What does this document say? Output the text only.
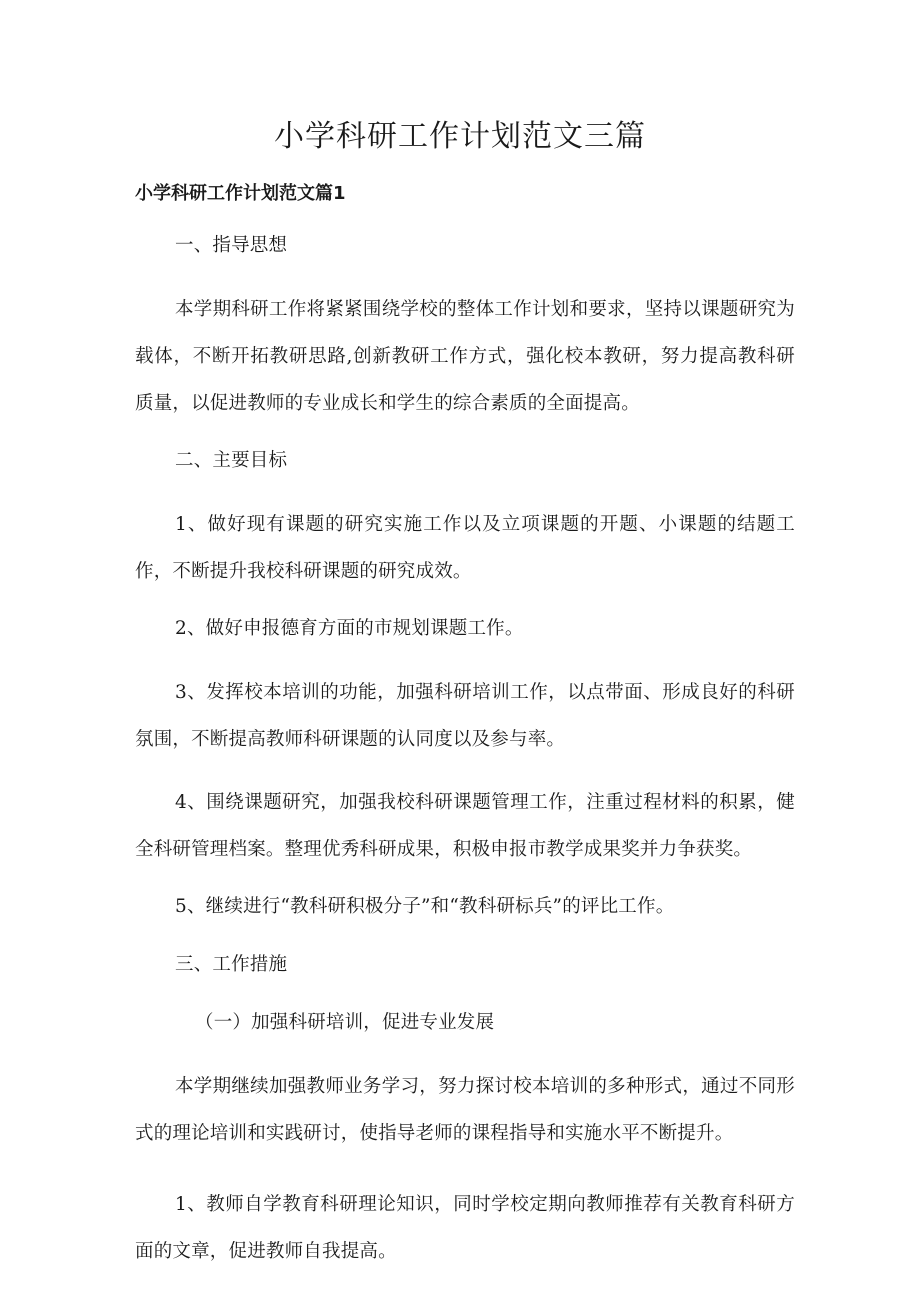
小学科研工作计划范文三篇
小学科研工作计划范文篇1

一、指导思想

本学期科研工作将紧紧围绕学校的整体工作计划和要求，坚持以课题研究为载体，不断开拓教研思路,创新教研工作方式，强化校本教研，努力提高教科研质量，以促进教师的专业成长和学生的综合素质的全面提高。

二、主要目标

1、做好现有课题的研究实施工作以及立项课题的开题、小课题的结题工作，不断提升我校科研课题的研究成效。

2、做好申报德育方面的市规划课题工作。

3、发挥校本培训的功能，加强科研培训工作，以点带面、形成良好的科研氛围，不断提高教师科研课题的认同度以及参与率。

4、围绕课题研究，加强我校科研课题管理工作，注重过程材料的积累，健全科研管理档案。整理优秀科研成果，积极申报市教学成果奖并力争获奖。

5、继续进行“教科研积极分子”和“教科研标兵”的评比工作。

三、工作措施

（一）加强科研培训，促进专业发展

本学期继续加强教师业务学习，努力探讨校本培训的多种形式，通过不同形式的理论培训和实践研讨，使指导老师的课程指导和实施水平不断提升。

1、教师自学教育科研理论知识，同时学校定期向教师推荐有关教育科研方面的文章，促进教师自我提高。
